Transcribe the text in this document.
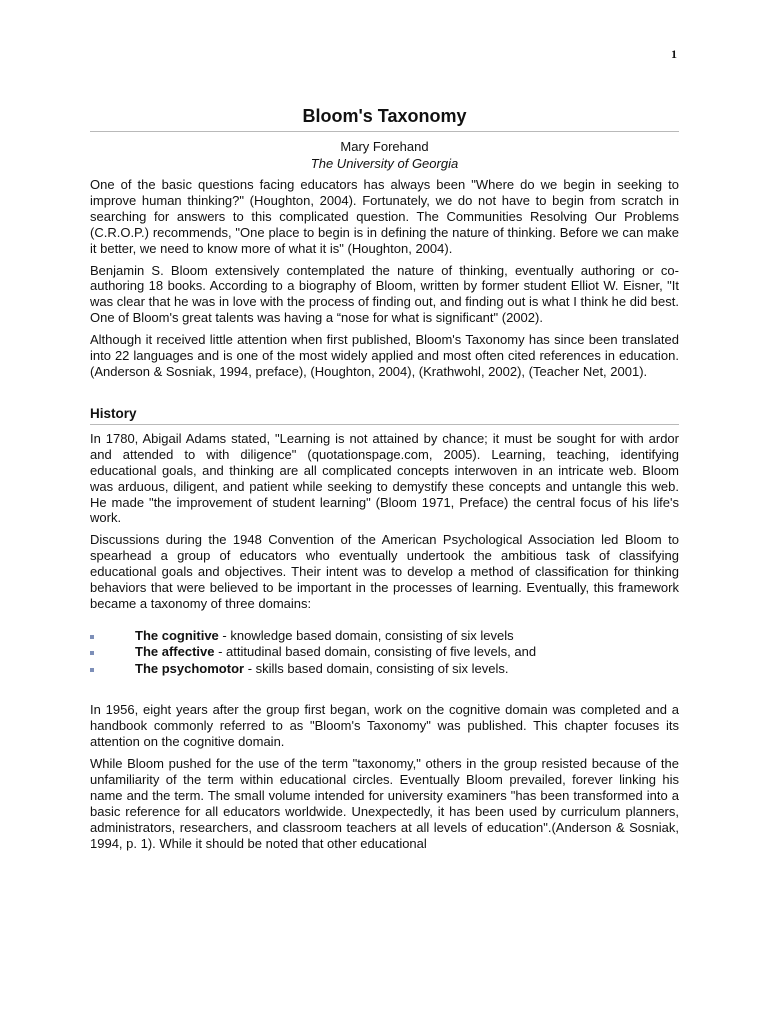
1
Bloom's Taxonomy
Mary Forehand
The University of Georgia

One of the basic questions facing educators has always been "Where do we begin in seeking to improve human thinking?" (Houghton, 2004). Fortunately, we do not have to begin from scratch in searching for answers to this complicated question. The Communities Resolving Our Problems (C.R.O.P.) recommends, "One place to begin is in defining the nature of thinking. Before we can make it better, we need to know more of what it is" (Houghton, 2004).

Benjamin S. Bloom extensively contemplated the nature of thinking, eventually authoring or co-authoring 18 books. According to a biography of Bloom, written by former student Elliot W. Eisner, "It was clear that he was in love with the process of finding out, and finding out is what I think he did best. One of Bloom's great talents was having a “nose for what is significant" (2002).

Although it received little attention when first published, Bloom's Taxonomy has since been translated into 22 languages and is one of the most widely applied and most often cited references in education. (Anderson & Sosniak, 1994, preface), (Houghton, 2004), (Krathwohl, 2002), (Teacher Net, 2001).

History

In 1780, Abigail Adams stated, "Learning is not attained by chance; it must be sought for with ardor and attended to with diligence" (quotationspage.com, 2005). Learning, teaching, identifying educational goals, and thinking are all complicated concepts interwoven in an intricate web. Bloom was arduous, diligent, and patient while seeking to demystify these concepts and untangle this web. He made "the improvement of student learning" (Bloom 1971, Preface) the central focus of his life's work.

Discussions during the 1948 Convention of the American Psychological Association led Bloom to spearhead a group of educators who eventually undertook the ambitious task of classifying educational goals and objectives. Their intent was to develop a method of classification for thinking behaviors that were believed to be important in the processes of learning. Eventually, this framework became a taxonomy of three domains:

The cognitive - knowledge based domain, consisting of six levels
The affective - attitudinal based domain, consisting of five levels, and
The psychomotor - skills based domain, consisting of six levels.

In 1956, eight years after the group first began, work on the cognitive domain was completed and a handbook commonly referred to as "Bloom's Taxonomy" was published. This chapter focuses its attention on the cognitive domain.

While Bloom pushed for the use of the term "taxonomy," others in the group resisted because of the unfamiliarity of the term within educational circles. Eventually Bloom prevailed, forever linking his name and the term. The small volume intended for university examiners "has been transformed into a basic reference for all educators worldwide. Unexpectedly, it has been used by curriculum planners, administrators, researchers, and classroom teachers at all levels of education".(Anderson & Sosniak, 1994, p. 1). While it should be noted that other educational
